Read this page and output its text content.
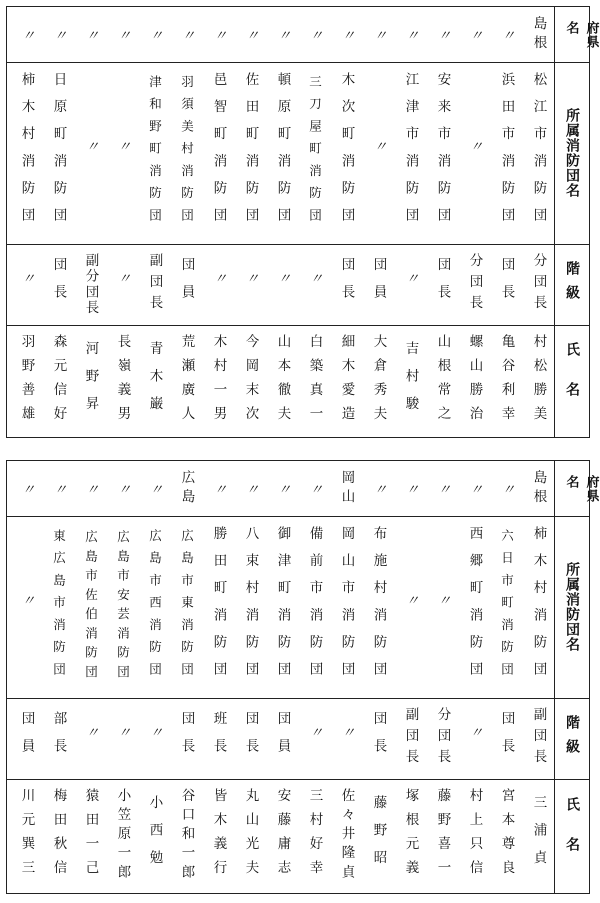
府県
名
所属消防団名
階級
氏名
島根
松江市消防団
分団長
村松勝美
〃
浜田市消防団
団長
亀谷利幸
〃
〃
分団長
螺山勝治
〃
安来市消防団
団長
山根常之
〃
江津市消防団
〃
吉村駿
〃
〃
団員
大倉秀夫
〃
木次町消防団
団長
細木愛造
〃
三刀屋町消防団
〃
白築真一
〃
頓原町消防団
〃
山本徹夫
〃
佐田町消防団
〃
今岡末次
〃
邑智町消防団
〃
木村一男
〃
羽須美村消防団
団員
荒瀬廣人
〃
津和野町消防団
副団長
青木巌
〃
〃
〃
長嶺義男
〃
〃
副分団長
河野昇
〃
日原町消防団
団長
森元信好
〃
柿木村消防団
〃
羽野善雄
府県
名
所属消防団名
階級
氏名
島根
柿木村消防団
副団長
三浦貞
〃
六日市町消防団
団長
宮本尊良
〃
西郷町消防団
〃
村上只信
〃
〃
分団長
藤野喜一
〃
〃
副団長
塚根元義
〃
布施村消防団
団長
藤野昭
岡山
岡山市消防団
〃
佐々井隆貞
〃
備前市消防団
〃
三村好幸
〃
御津町消防団
団員
安藤庸志
〃
八束村消防団
団長
丸山光夫
〃
勝田町消防団
班長
皆木義行
広島
広島市東消防団
団長
谷口和一郎
〃
広島市西消防団
〃
小西勉
〃
広島市安芸消防団
〃
小笠原一郎
〃
広島市佐伯消防団
〃
猿田一己
〃
東広島市消防団
部長
梅田秋信
〃
〃
団員
川元巽三
